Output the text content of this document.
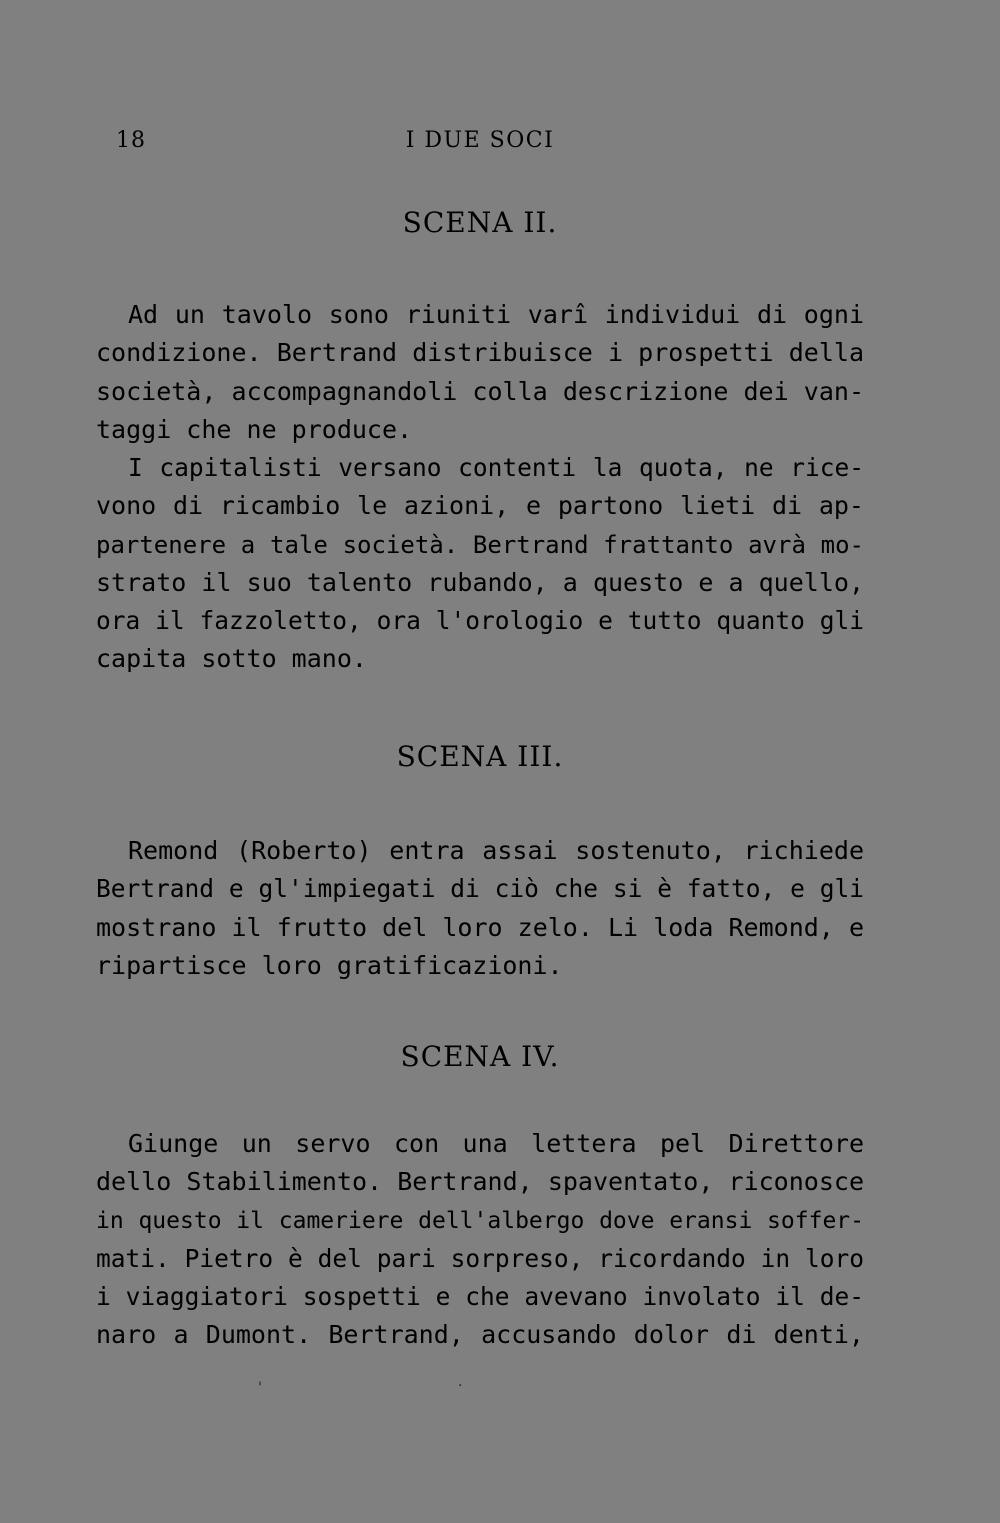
18	I DUE SOCI
SCENA II.
Ad un tavolo sono riuniti varî individui di ogni
condizione. Bertrand distribuisce i prospetti della
società, accompagnandoli colla descrizione dei van-
taggi che ne produce.
I capitalisti versano contenti la quota, ne rice-
vono di ricambio le azioni, e partono lieti di ap-
partenere a tale società. Bertrand frattanto avrà mo-
strato il suo talento rubando, a questo e a quello,
ora il fazzoletto, ora l'orologio e tutto quanto gli
capita sotto mano.
SCENA III.
Remond (Roberto) entra assai sostenuto, richiede
Bertrand e gl'impiegati di ciò che si è fatto, e gli
mostrano il frutto del loro zelo. Li loda Remond, e
ripartisce loro gratificazioni.
SCENA IV.
Giunge un servo con una lettera pel Direttore
dello Stabilimento. Bertrand, spaventato, riconosce
in questo il cameriere dell'albergo dove eransi soffer-
mati. Pietro è del pari sorpreso, ricordando in loro
i viaggiatori sospetti e che avevano involato il de-
naro a Dumont. Bertrand, accusando dolor di denti,
'	·
